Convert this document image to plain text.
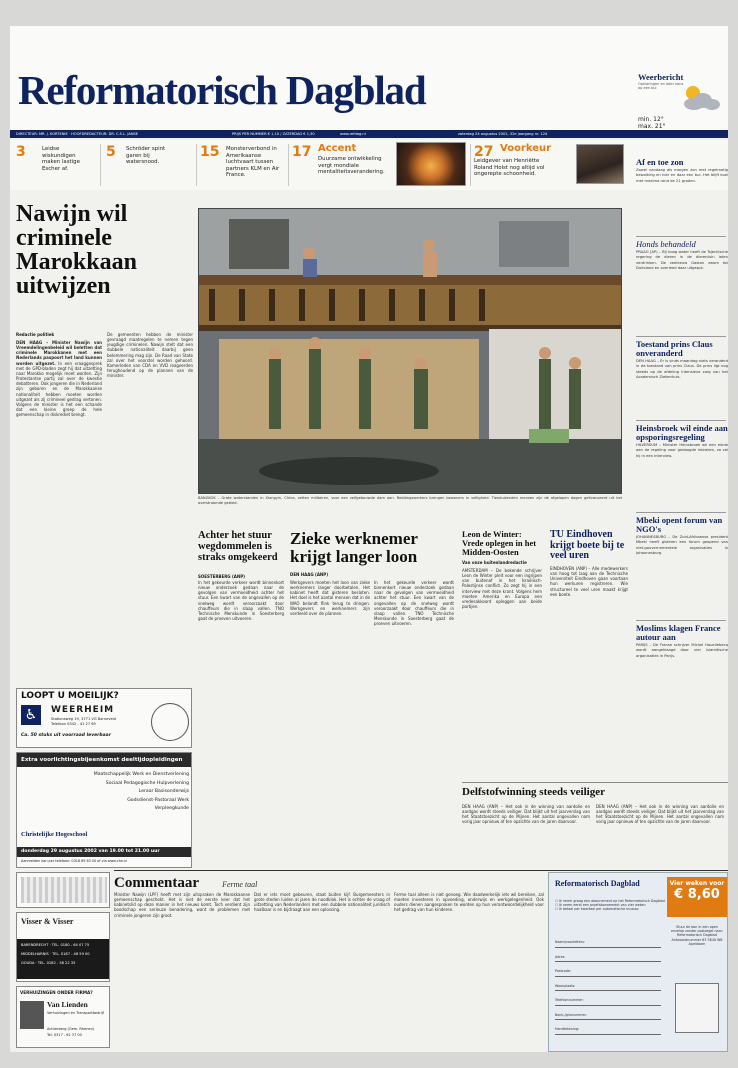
Reformatorisch Dagblad	Weerbericht
Opklaringen en later kans op een bui
min. 12°
max. 21°
DIRECTEUR: MR. J. KORTENIE · HOOFDREDACTEUR: DR. C.S.L. JANSE	PRIJS PER NUMMER € 1,10 / ZATERDAG € 1,50	www.refdag.nl	zaterdag 24 augustus 2002, 32e jaargang nr. 124
3	Leidse wiskundigen maken lastige Escher af.
5 Schröder spint garen bij watersnood.
15 Monsterverbond in Amerikaanse luchtvaart tussen partners KLM en Air France.
17 Accent
Duurzame ontwikkeling vergt mondiale mentaliteitsverandering.
27 Voorkeur
Leidgever van Henriëtte Roland Holst nog altijd vol ongerepte schoonheid.
Af en toe zon
Zowel vandaag als morgen zon met regelmatig bewolking en hier en daar een bui. Het blijft koel met maxima rond de 21 graden.
Honds behandeld
PRAAG (AP) – Bij hoog water heeft de Tsjechische regering de dieren in de dierentuin laten verdrinken. De zeeleeuw Gaston zwom tot Duitsland en overleed daar uitgeput.
Toestand prins Claus onveranderd
DEN HAAG – Er is sinds maandag niets veranderd in de toestand van prins Claus. De prins ligt nog steeds op de afdeling intensieve zorg van het Academisch Ziekenhuis.
Heinsbroek wil einde aan opsporingsregeling
HILVERSUM – Minister Heinsbroek wil een einde aan de regeling voor gedoogde inbraken, zo zei hij in een interview.
Mbeki opent forum van NGO's
JOHANNESBURG – De Zuid-Afrikaanse president Mbeki heeft gisteren een forum geopend van niet-gouvernementele organisaties in Johannesburg.
Moslims klagen France autour aan
PARIJS – De Franse schrijver Michel Houellebecq wordt aangeklaagd door vier islamitische organisaties in Parijs.
Nawijn wil criminele Marokkaan uitwijzen
Redactie politiek
DEN HAAG – Minister Nawijn van Vreemdelingenbeleid wil beletten dat criminele Marokkanen met een Nederlands paspoort het land kunnen worden uitgezet. In een vraaggesprek met de GPD-bladen zegt hij dat uitzetting naar Marokko mogelijk moet worden. Zijn Protestantse partij zal over de kwestie debatteren. Ook jongeren die in Nederland zijn geboren en de Marokkaanse nationaliteit hebben moeten worden uitgezet als zij crimineel gedrag vertonen. Volgens de minister is het een schande dat een kleine groep de hele gemeenschap in diskrediet brengt.
De gemeenten hebben de minister gevraagd maatregelen te nemen tegen jeugdige criminelen. Nawijn stelt dat een dubbele nationaliteit daarbij geen belemmering mag zijn. De Raad van State zal over het voorstel worden gehoord. Kamerleden van CDA en VVD reageerden terughoudend op de plannen van de minister.
BANGKOK – Grote waterstanden in Xiangyin, China, zetten militairen, voor een zelfgebouwde dam aan. Reddingswerkers brengen bewoners in veiligheid. Tienduizenden mensen zijn de afgelopen dagen geëvacueerd uit het overstroomde gebied.
Achter het stuur wegdommelen is straks omgekeerd
SOESTERBERG (ANP)
In het gekeurde verkeer wordt binnenkort nieuw onderzoek gedaan naar de gevolgen van vermoeidheid achter het stuur. Een kwart van de ongevallen op de snelweg wordt veroorzaakt door chauffeurs die in slaap vallen. TNO Technische Menskunde in Soesterberg gaat de proeven uitvoeren.
Zieke werknemer krijgt langer loon
DEN HAAG (ANP)
Werkgevers moeten het loon van zieke werknemers langer doorbetalen. Het kabinet heeft dat gisteren besloten. Het doel is het aantal mensen dat in de WAO belandt flink terug te dringen. Werkgevers en werknemers zijn verdeeld over de plannen.
In het gekeurde verkeer wordt binnenkort nieuw onderzoek gedaan naar de gevolgen van vermoeidheid achter het stuur. Een kwart van de ongevallen op de snelweg wordt veroorzaakt door chauffeurs die in slaap vallen. TNO Technische Menskunde in Soesterberg gaat de proeven uitvoeren.
Leon de Winter: Vrede oplegen in het Midden-Oosten
Van onze buitenlandredactie
AMSTERDAM – De bekende schrijver Leon de Winter pleit voor een ingrijpen van buitenaf in het Israëlisch-Palestijnse conflict. Zo zegt hij in een interview met deze krant. Volgens hem moeten Amerika en Europa een vredesakkoord opleggen aan beide partijen.
TU Eindhoven krijgt boete bij te veel uren
EINDHOVEN (ANP) – Alle medewerkers van hoog tot laag aan de Technische Universiteit Eindhoven gaan voortaan hun werkuren registreren. Wie structureel te veel uren maakt krijgt een boete.
Delfstofwinning steeds veiliger
DEN HAAG (ANP) – Het ook in de winning van aardolie en aardgas wordt steeds veiliger. Dat blijkt uit het jaarverslag van het Staatstoezicht op de Mijnen. Het aantal ongevallen nam vorig jaar opnieuw af ten opzichte van de jaren daarvoor.
DEN HAAG (ANP) – Het ook in de winning van aardolie en aardgas wordt steeds veiliger. Dat blijkt uit het jaarverslag van het Staatstoezicht op de Mijnen. Het aantal ongevallen nam vorig jaar opnieuw af ten opzichte van de jaren daarvoor.
LOOPT U MOEILIJK?
♿	WEERHEIM
Stationsweg 19, 3771 VG Barneveld
Telefoon 0342 - 41 27 69
Ca. 50 stuks uit voorraad leverbaar
Extra voorlichtingsbijeenkomst deeltijdopleidingen
Maatschappelijk Werk en Dienstverlening
Sociaal Pedagogische Hulpverlening
Leraar Basisonderwijs
Godsdienst-Pastoraal Werk
Verpleegkunde
Christelijke Hogeschool
donderdag 29 augustus 2002 van 19.00 tot 21.00 uur
Aanmelden kan per telefoon: 0318 69 63 00 of via www.che.nl
Visser & Visser
BARENDRECHT · TEL. 0180 - 64 07 75
MIDDELHARNIS · TEL. 0187 - 48 59 00
GOUDA · TEL. 0182 - 58 22 33
VERHUIZINGEN ONDER FIRMA?
Van Lienden
Verhuizingen en Transportbedrijf
Achterberg (Gem. Rhenen)
Tel. 0317 - 61 37 00
Commentaar	Ferme taal
Minister Nawijn (LPF) heeft met zijn uitspraken de Marokkaanse gemeenschap geschokt. Het is niet de eerste keer dat het kabinetslid op deze manier in het nieuws komt. Toch verdient zijn boodschap een serieuze benadering, want de problemen met criminele jongeren zijn groot.
Dat er iets moet gebeuren, staat buiten kijf. Burgemeesters in grote steden luiden al jaren de noodklok. Het is echter de vraag of uitzetting van Nederlanders met een dubbele nationaliteit juridisch haalbaar is en bijdraagt aan een oplossing.
Ferme taal alleen is niet genoeg. Wie daadwerkelijk iets wil bereiken, zal moeten investeren in opvoeding, onderwijs en werkgelegenheid. Ook ouders dienen aangesproken te worden op hun verantwoordelijkheid voor het gedrag van hun kinderen.
Reformatorisch Dagblad	Vier weken voor
€ 8,60
☐ Ik neem graag een abonnement op het Reformatorisch Dagblad
☐ Ik neem eerst een proefabonnement van vier weken
☐ Ik betaal per kwartaal per automatische incasso
Naam/voorletters:
Adres:
Postcode:
Woonplaats:
Telefoonnummer:
Bank-/gironummer:
Handtekening:
Stuur de bon in een open envelop zonder postzegel naar: Reformatorisch Dagblad Antwoordnummer 63 3840 WB Apeldoorn
